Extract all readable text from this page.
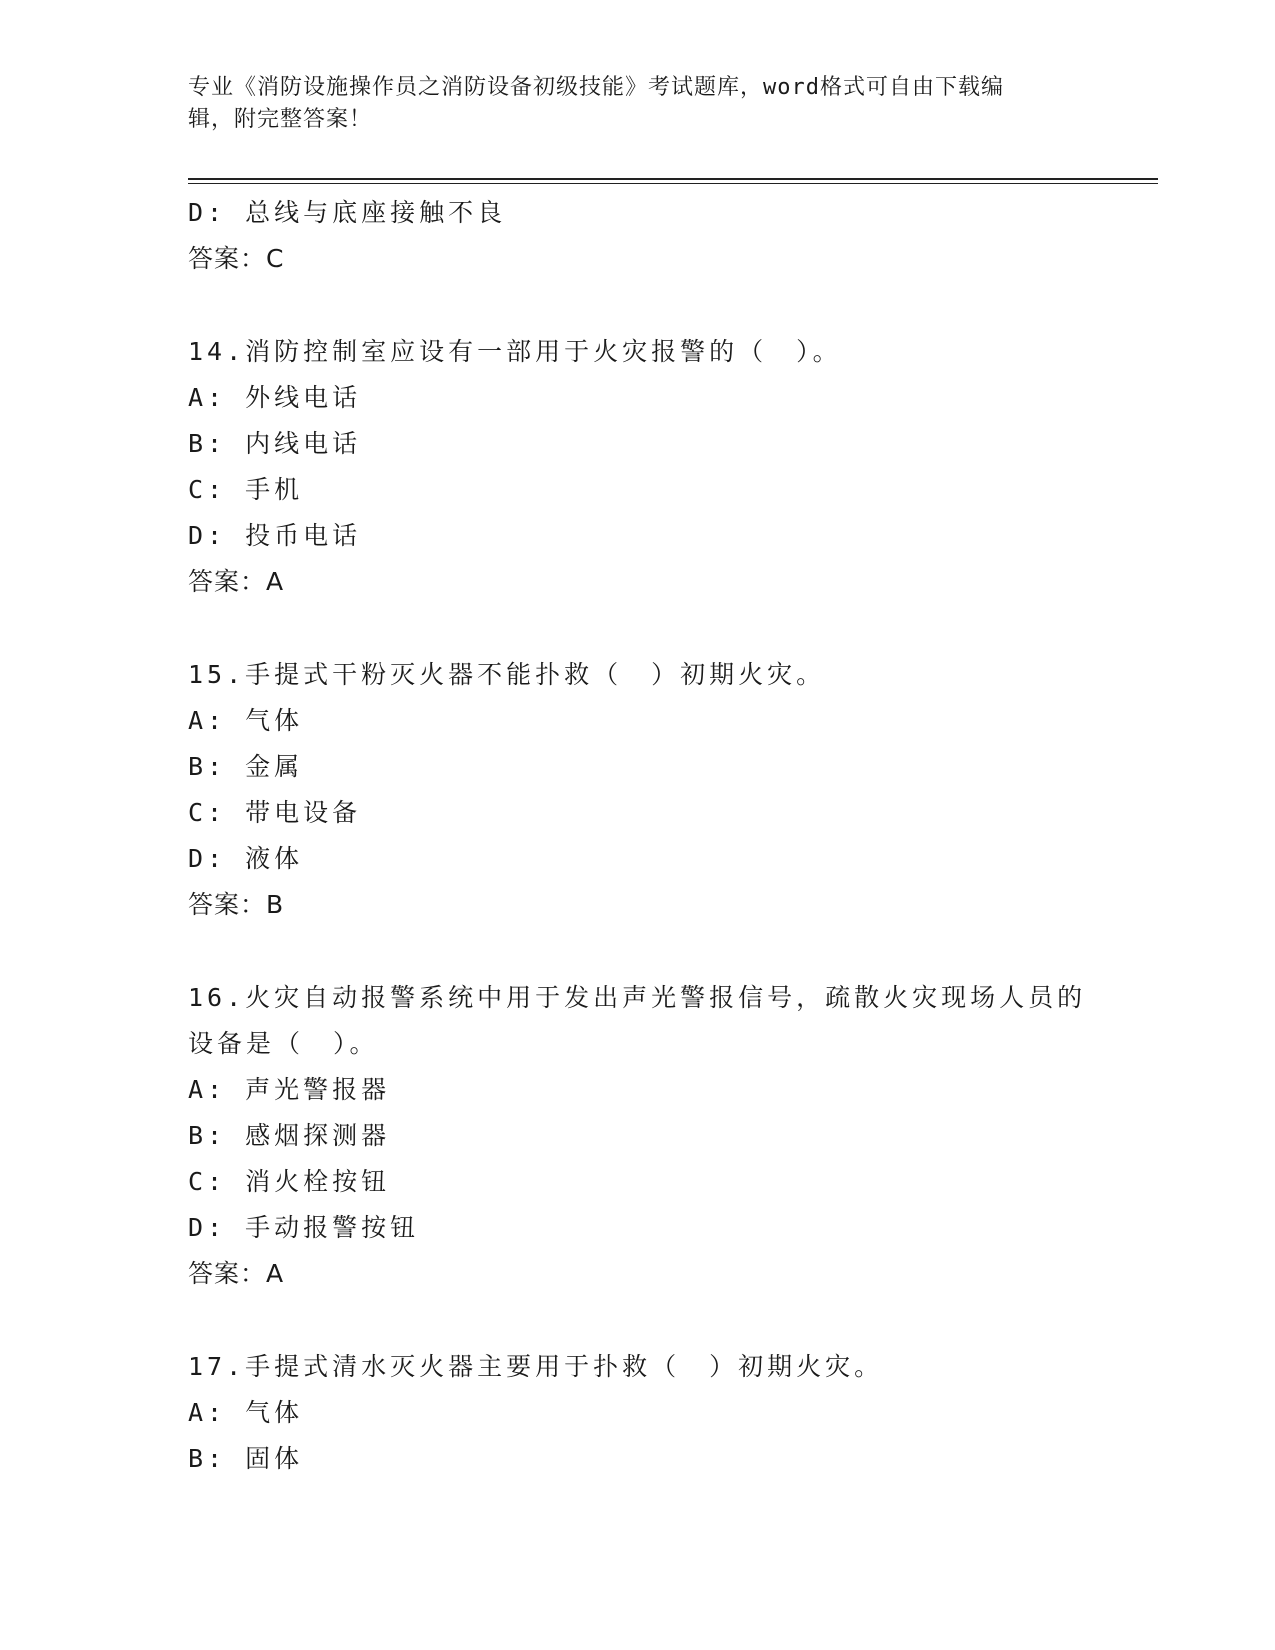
专业《消防设施操作员之消防设备初级技能》考试题库，word格式可自由下载编
辑，附完整答案！
D: 总线与底座接触不良
答案：C
14.消防控制室应设有一部用于火灾报警的（　）。
A: 外线电话
B: 内线电话
C: 手机
D: 投币电话
答案：A
15.手提式干粉灭火器不能扑救（　）初期火灾。
A: 气体
B: 金属
C: 带电设备
D: 液体
答案：B
16.火灾自动报警系统中用于发出声光警报信号，疏散火灾现场人员的
设备是（　）。
A: 声光警报器
B: 感烟探测器
C: 消火栓按钮
D: 手动报警按钮
答案：A
17.手提式清水灭火器主要用于扑救（　）初期火灾。
A: 气体
B: 固体
